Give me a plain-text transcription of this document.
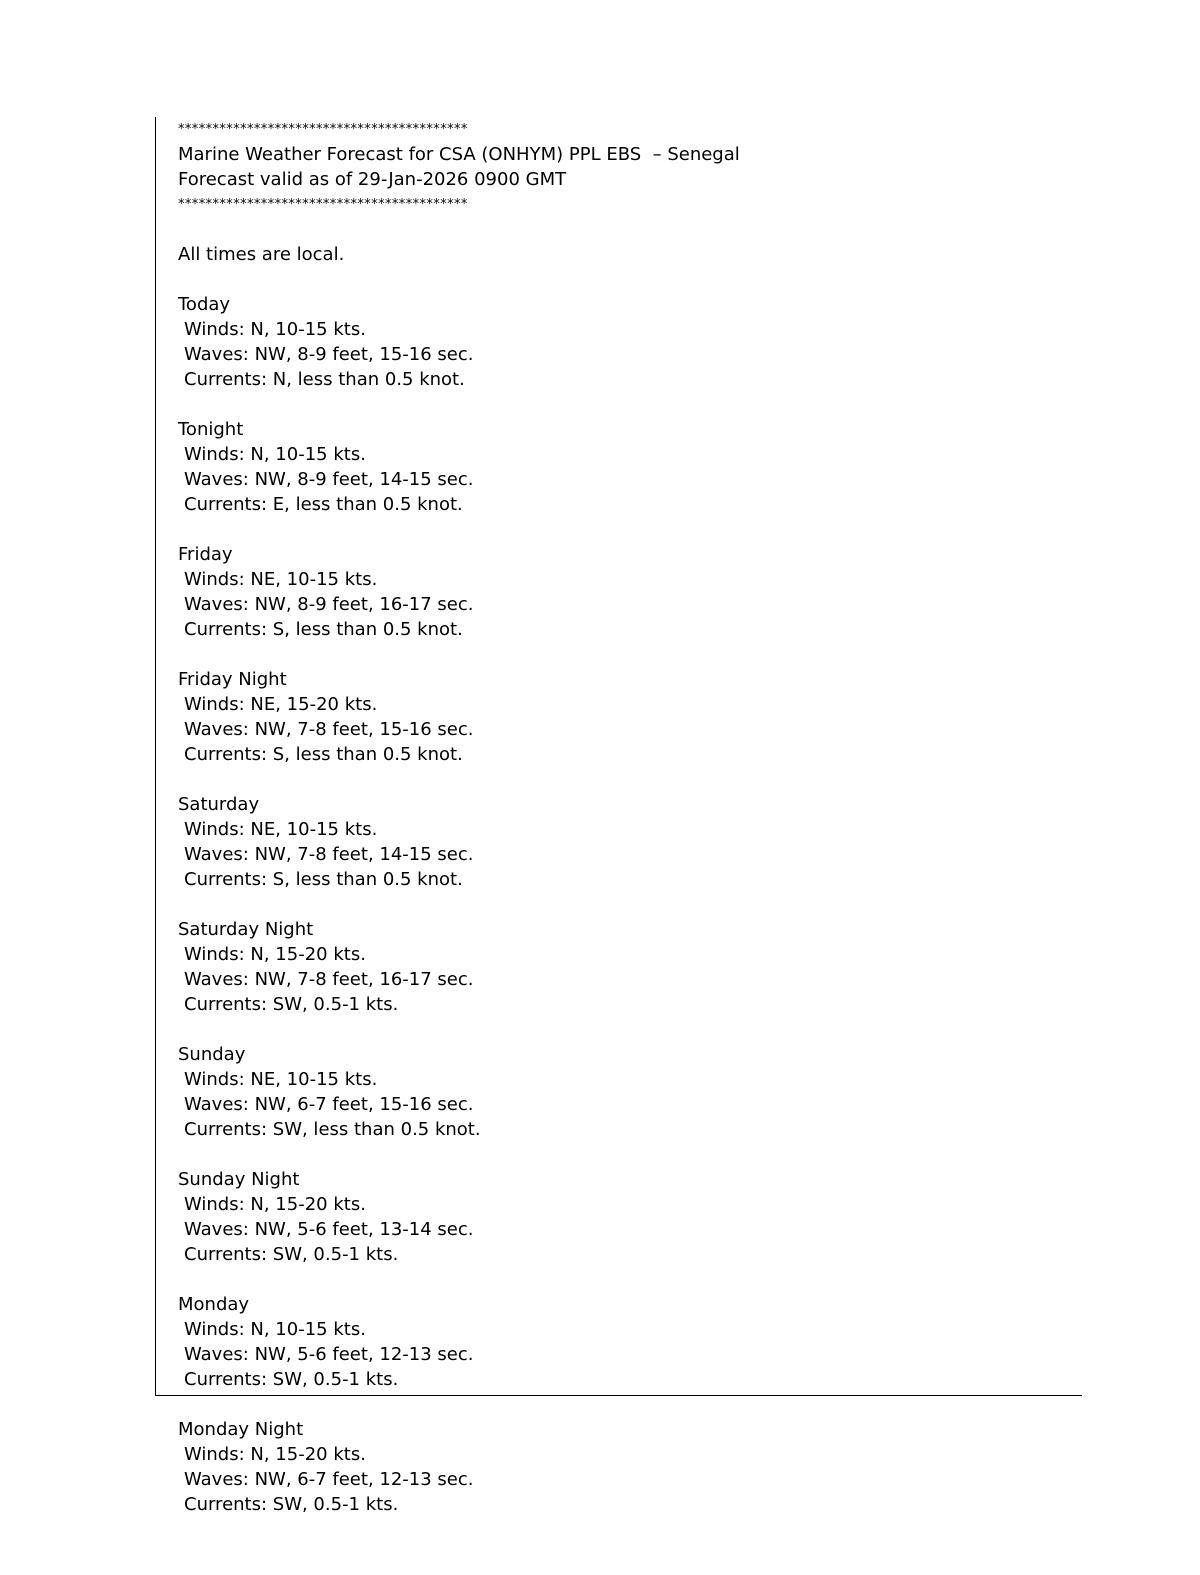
******************************************
Marine Weather Forecast for CSA (ONHYM) PPL EBS  – Senegal
Forecast valid as of 29-Jan-2026 0900 GMT
******************************************
All times are local.
Today
Winds: N, 10-15 kts.
Waves: NW, 8-9 feet, 15-16 sec.
Currents: N, less than 0.5 knot.
Tonight
Winds: N, 10-15 kts.
Waves: NW, 8-9 feet, 14-15 sec.
Currents: E, less than 0.5 knot.
Friday
Winds: NE, 10-15 kts.
Waves: NW, 8-9 feet, 16-17 sec.
Currents: S, less than 0.5 knot.
Friday Night
Winds: NE, 15-20 kts.
Waves: NW, 7-8 feet, 15-16 sec.
Currents: S, less than 0.5 knot.
Saturday
Winds: NE, 10-15 kts.
Waves: NW, 7-8 feet, 14-15 sec.
Currents: S, less than 0.5 knot.
Saturday Night
Winds: N, 15-20 kts.
Waves: NW, 7-8 feet, 16-17 sec.
Currents: SW, 0.5-1 kts.
Sunday
Winds: NE, 10-15 kts.
Waves: NW, 6-7 feet, 15-16 sec.
Currents: SW, less than 0.5 knot.
Sunday Night
Winds: N, 15-20 kts.
Waves: NW, 5-6 feet, 13-14 sec.
Currents: SW, 0.5-1 kts.
Monday
Winds: N, 10-15 kts.
Waves: NW, 5-6 feet, 12-13 sec.
Currents: SW, 0.5-1 kts.
Monday Night
Winds: N, 15-20 kts.
Waves: NW, 6-7 feet, 12-13 sec.
Currents: SW, 0.5-1 kts.
